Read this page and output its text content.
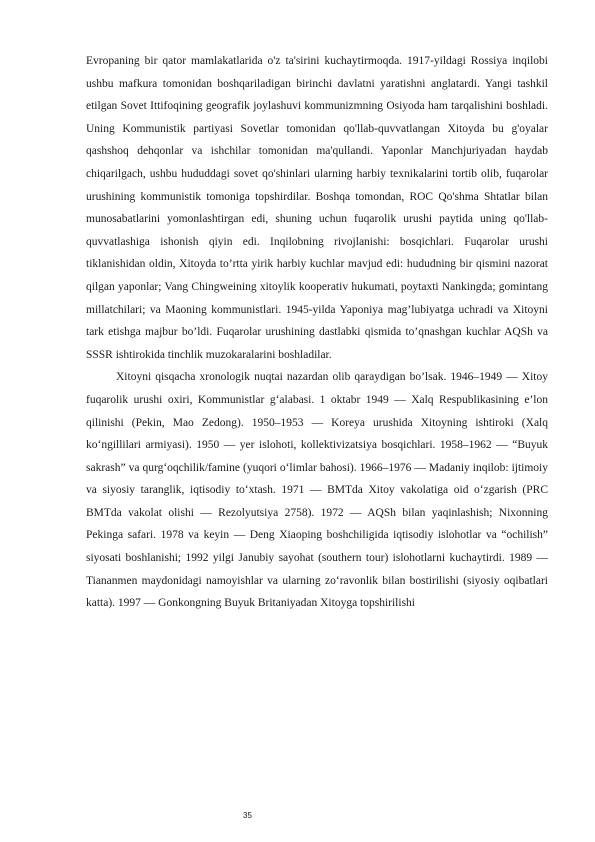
Evropaning bir qator mamlakatlarida o'z ta'sirini kuchaytirmoqda. 1917-yildagi Rossiya inqilobi ushbu mafkura tomonidan boshqariladigan birinchi davlatni yaratishni anglatardi. Yangi tashkil etilgan Sovet Ittifoqining geografik joylashuvi kommunizmning Osiyoda ham tarqalishini boshladi. Uning Kommunistik partiyasi Sovetlar tomonidan qo'llab-quvvatlangan Xitoyda bu g'oyalar qashshoq dehqonlar va ishchilar tomonidan ma'qullandi. Yaponlar Manchjuriyadan haydab chiqarilgach, ushbu hududdagi sovet qo'shinlari ularning harbiy texnikalarini tortib olib, fuqarolar urushining kommunistik tomoniga topshirdilar. Boshqa tomondan, ROC Qo'shma Shtatlar bilan munosabatlarini yomonlashtirgan edi, shuning uchun fuqarolik urushi paytida uning qo'llab-quvvatlashiga ishonish qiyin edi. Inqilobning rivojlanishi: bosqichlari. Fuqarolar urushi tiklanishidan oldin, Xitoyda to’rtta yirik harbiy kuchlar mavjud edi: hududning bir qismini nazorat qilgan yaponlar; Vang Chingweining xitoylik kooperativ hukumati, poytaxti Nankingda; gomintang millatchilari; va Maoning kommunistlari. 1945-yilda Yaponiya mag’lubiyatga uchradi va Xitoyni tark etishga majbur bo’ldi. Fuqarolar urushining dastlabki qismida to’qnashgan kuchlar AQSh va SSSR ishtirokida tinchlik muzokaralarini boshladilar.

Xitoyni qisqacha xronologik nuqtai nazardan olib qaraydigan bo’lsak. 1946–1949 — Xitoy fuqarolik urushi oxiri, Kommunistlar g‘alabasi. 1 oktabr 1949 — Xalq Respublikasining e’lon qilinishi (Pekin, Mao Zedong). 1950–1953 — Koreya urushida Xitoyning ishtiroki (Xalq ko‘ngillilari armiyasi). 1950 — yer islohoti, kollektivizatsiya bosqichlari. 1958–1962 — “Buyuk sakrash” va qurg‘oqchilik/famine (yuqori o‘limlar bahosi). 1966–1976 — Madaniy inqilob: ijtimoiy va siyosiy taranglik, iqtisodiy to‘xtash. 1971 — BMTda Xitoy vakolatiga oid o‘zgarish (PRC BMTda vakolat olishi — Rezolyutsiya 2758). 1972 — AQSh bilan yaqinlashish; Nixonning Pekinga safari. 1978 va keyin — Deng Xiaoping boshchiligida iqtisodiy islohotlar va “ochilish” siyosati boshlanishi; 1992 yilgi Janubiy sayohat (southern tour) islohotlarni kuchaytirdi. 1989 — Tiananmen maydonidagi namoyishlar va ularning zo‘ravonlik bilan bostirilishi (siyosiy oqibatlari katta). 1997 — Gonkongning Buyuk Britaniyadan Xitoyga topshirilishi

35
